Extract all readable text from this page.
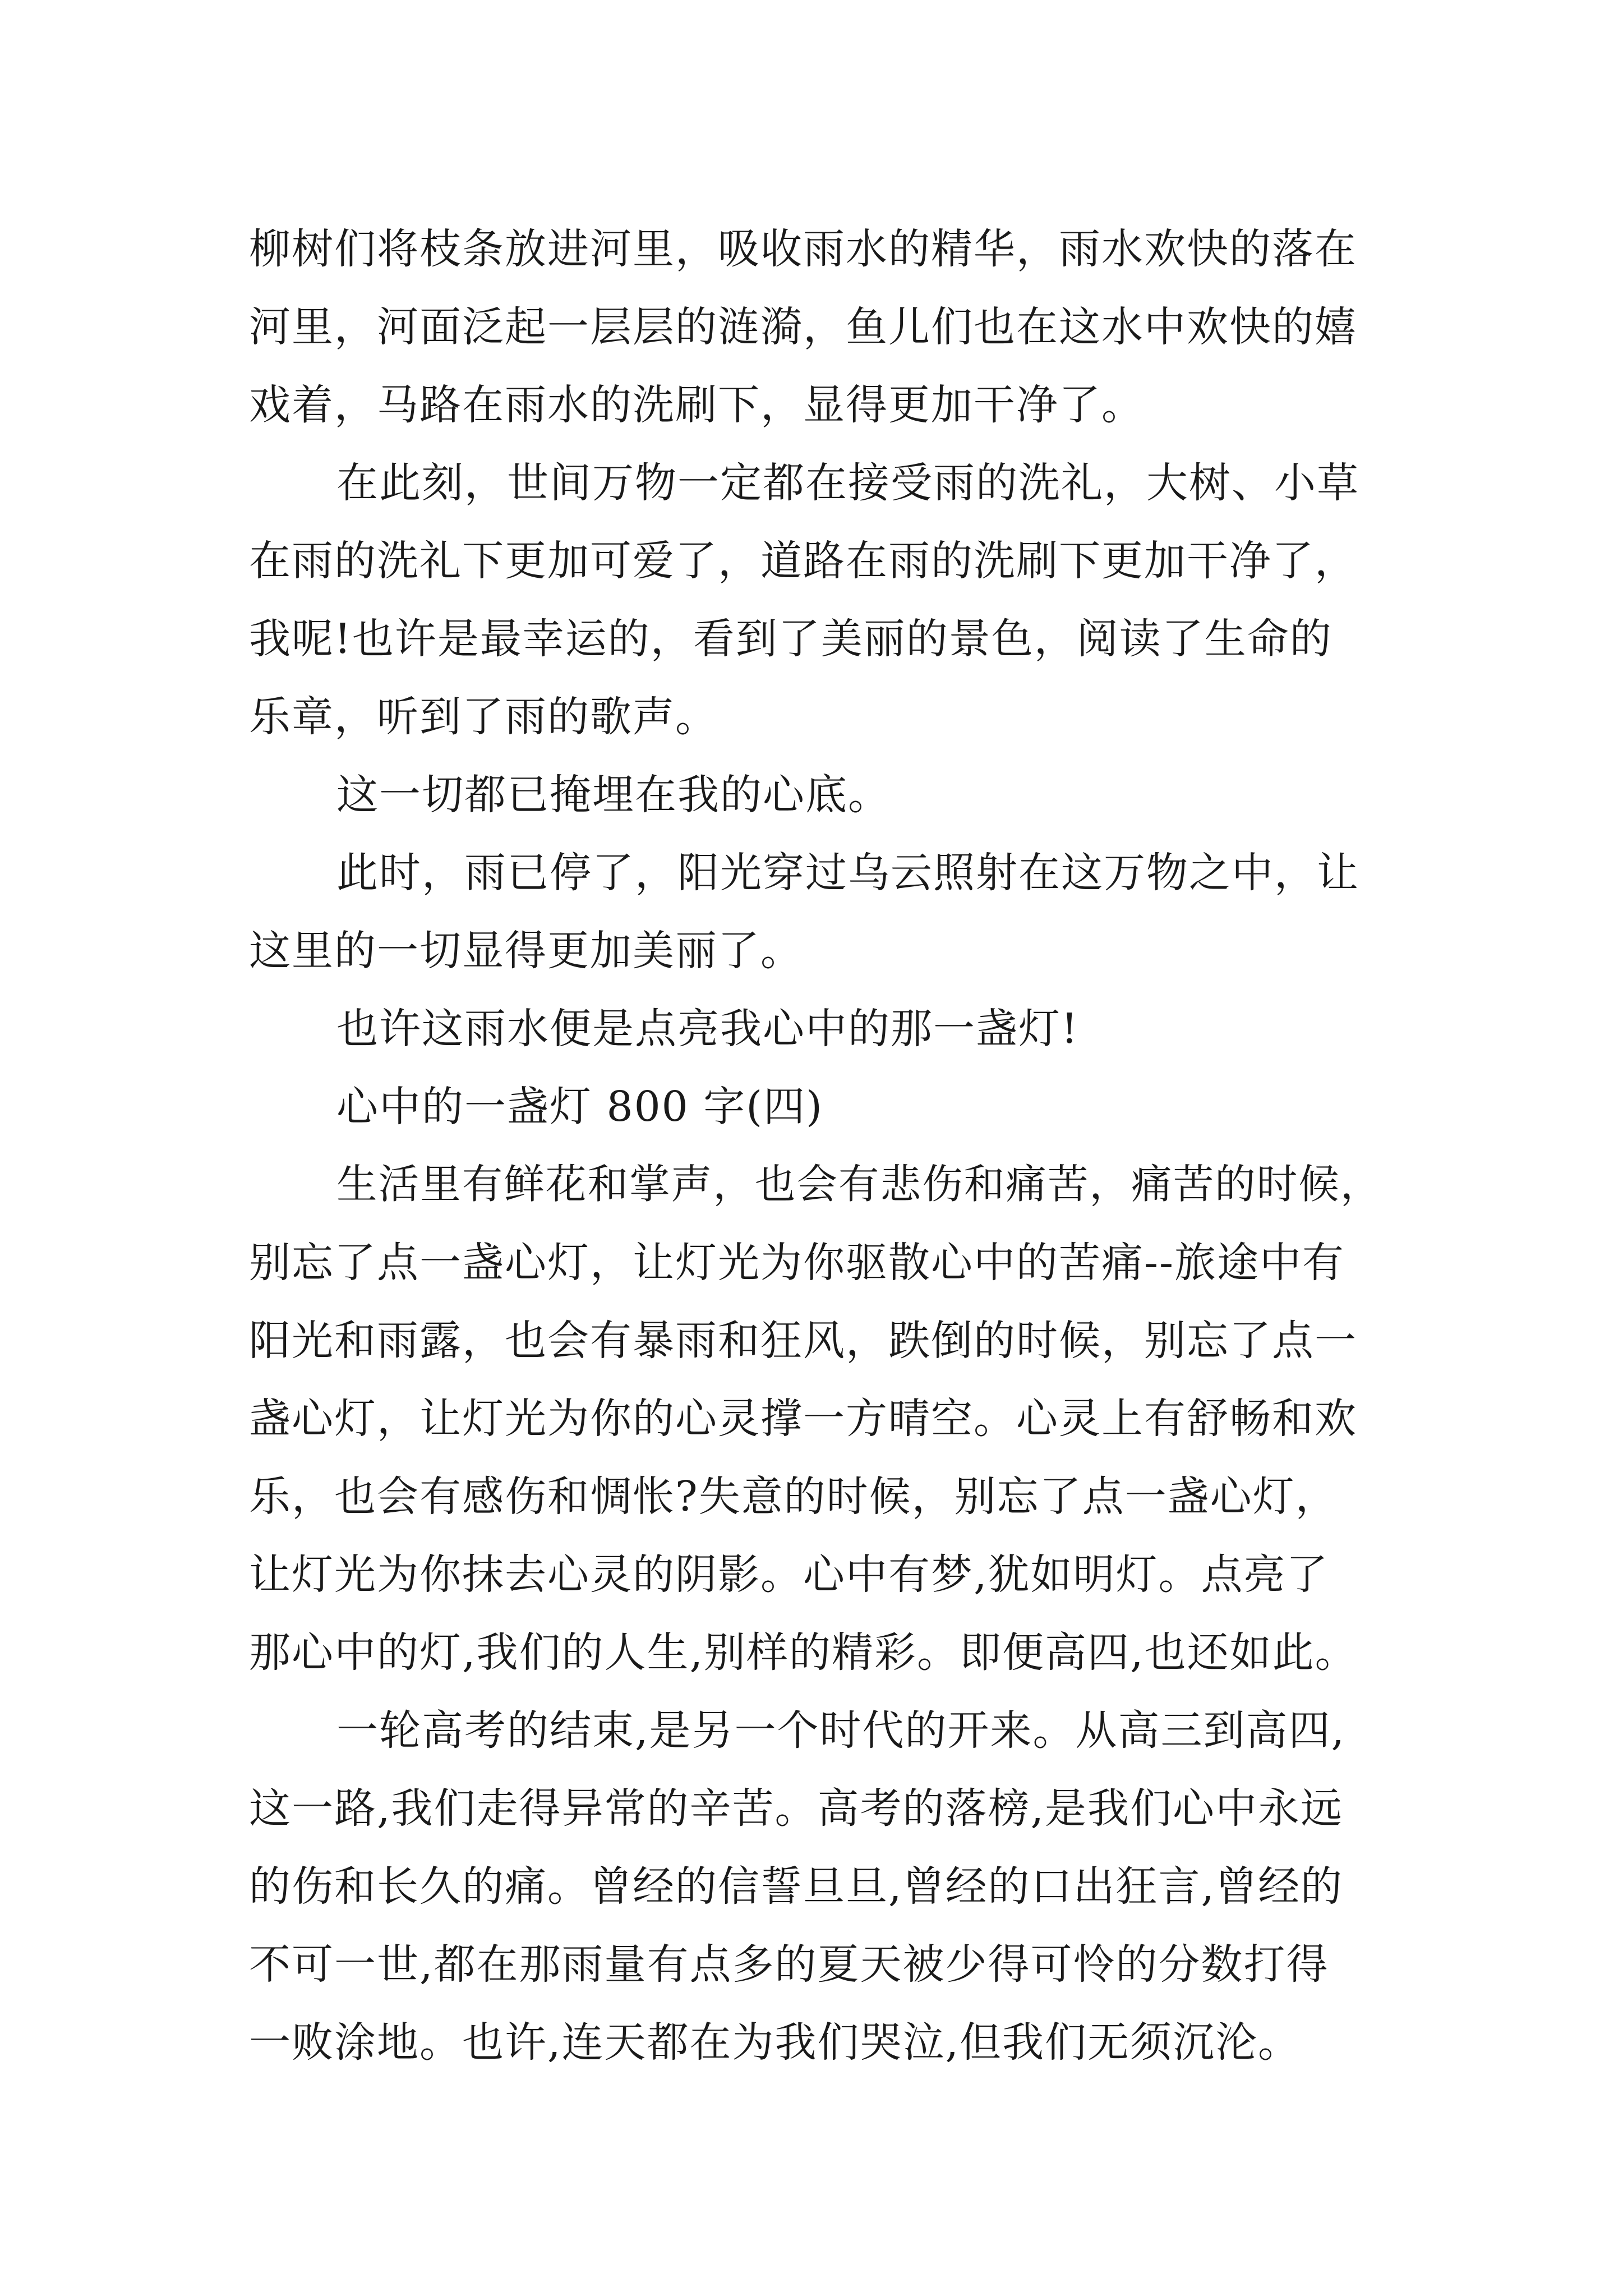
柳树们将枝条放进河里，吸收雨水的精华，雨水欢快的落在
河里，河面泛起一层层的涟漪，鱼儿们也在这水中欢快的嬉
戏着，马路在雨水的洗刷下，显得更加干净了。
在此刻，世间万物一定都在接受雨的洗礼，大树、小草
在雨的洗礼下更加可爱了，道路在雨的洗刷下更加干净了，
我呢!也许是最幸运的，看到了美丽的景色，阅读了生命的
乐章，听到了雨的歌声。
这一切都已掩埋在我的心底。
此时，雨已停了，阳光穿过乌云照射在这万物之中，让
这里的一切显得更加美丽了。
也许这雨水便是点亮我心中的那一盏灯!
心中的一盏灯 800 字(四)
生活里有鲜花和掌声，也会有悲伤和痛苦，痛苦的时候，
别忘了点一盏心灯，让灯光为你驱散心中的苦痛--旅途中有
阳光和雨露，也会有暴雨和狂风，跌倒的时候，别忘了点一
盏心灯，让灯光为你的心灵撑一方晴空。心灵上有舒畅和欢
乐，也会有感伤和惆怅?失意的时候，别忘了点一盏心灯，
让灯光为你抹去心灵的阴影。心中有梦,犹如明灯。点亮了
那心中的灯,我们的人生,别样的精彩。即便高四,也还如此。
一轮高考的结束,是另一个时代的开来。从高三到高四,
这一路,我们走得异常的辛苦。高考的落榜,是我们心中永远
的伤和长久的痛。曾经的信誓旦旦,曾经的口出狂言,曾经的
不可一世,都在那雨量有点多的夏天被少得可怜的分数打得
一败涂地。也许,连天都在为我们哭泣,但我们无须沉沦。
